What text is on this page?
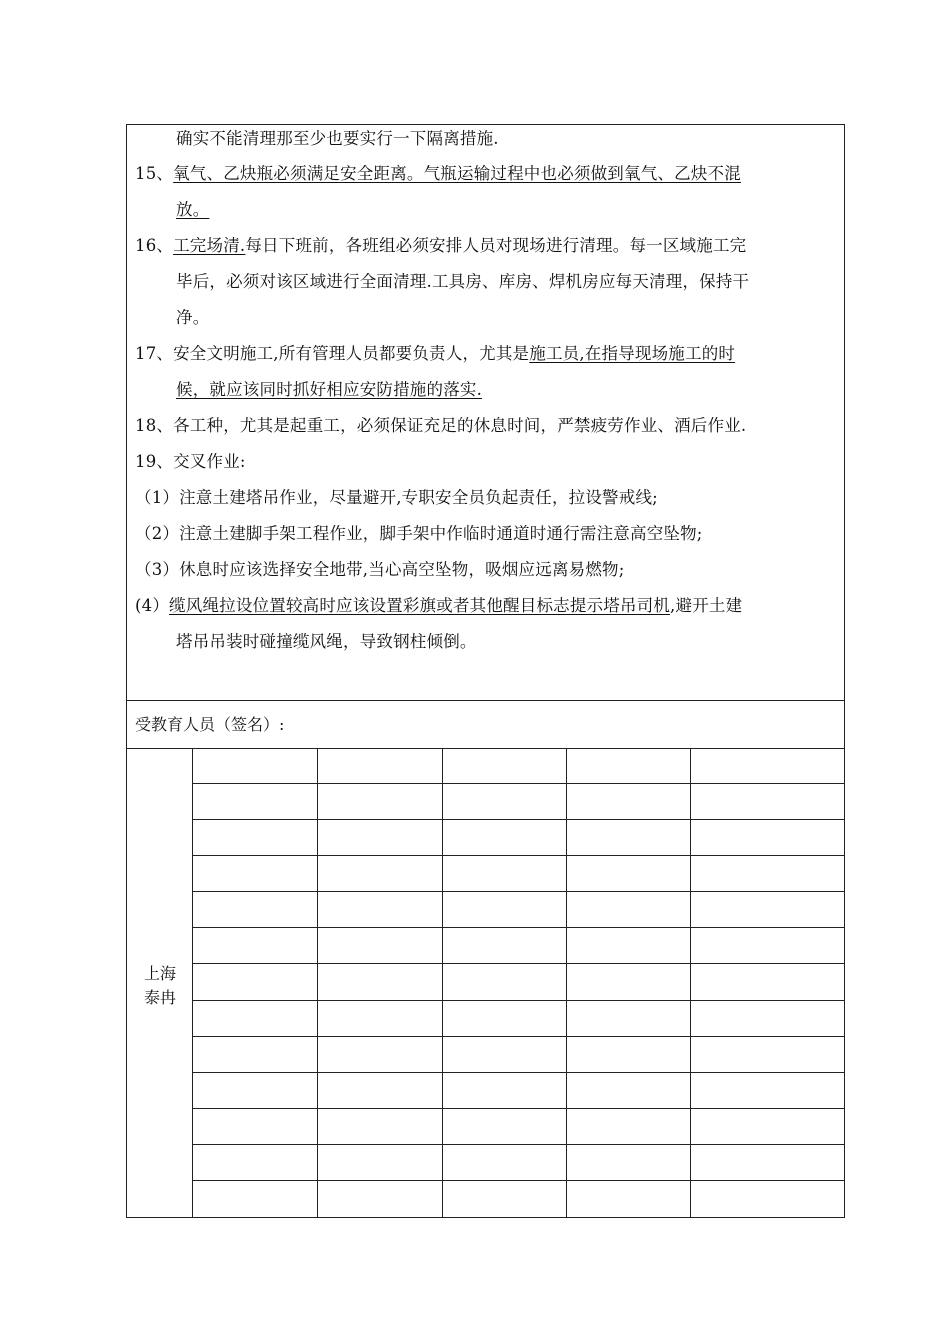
确实不能清理那至少也要实行一下隔离措施.
15、氧气、乙炔瓶必须满足安全距离。气瓶运输过程中也必须做到氧气、乙炔不混
放。
16、工完场清.每日下班前，各班组必须安排人员对现场进行清理。每一区域施工完
毕后，必须对该区域进行全面清理.工具房、库房、焊机房应每天清理，保持干
净。
17、安全文明施工,所有管理人员都要负责人，尤其是施工员,在指导现场施工的时
候，就应该同时抓好相应安防措施的落实.
18、各工种，尤其是起重工，必须保证充足的休息时间，严禁疲劳作业、酒后作业.
19、交叉作业:
（1）注意土建塔吊作业，尽量避开,专职安全员负起责任，拉设警戒线;
（2）注意土建脚手架工程作业，脚手架中作临时通道时通行需注意高空坠物;
（3）休息时应该选择安全地带,当心高空坠物，吸烟应远离易燃物;
(4）缆风绳拉设位置较高时应该设置彩旗或者其他醒目标志提示塔吊司机,避开土建
塔吊吊装时碰撞缆风绳，导致钢柱倾倒。
受教育人员（签名）:
上海
泰冉
